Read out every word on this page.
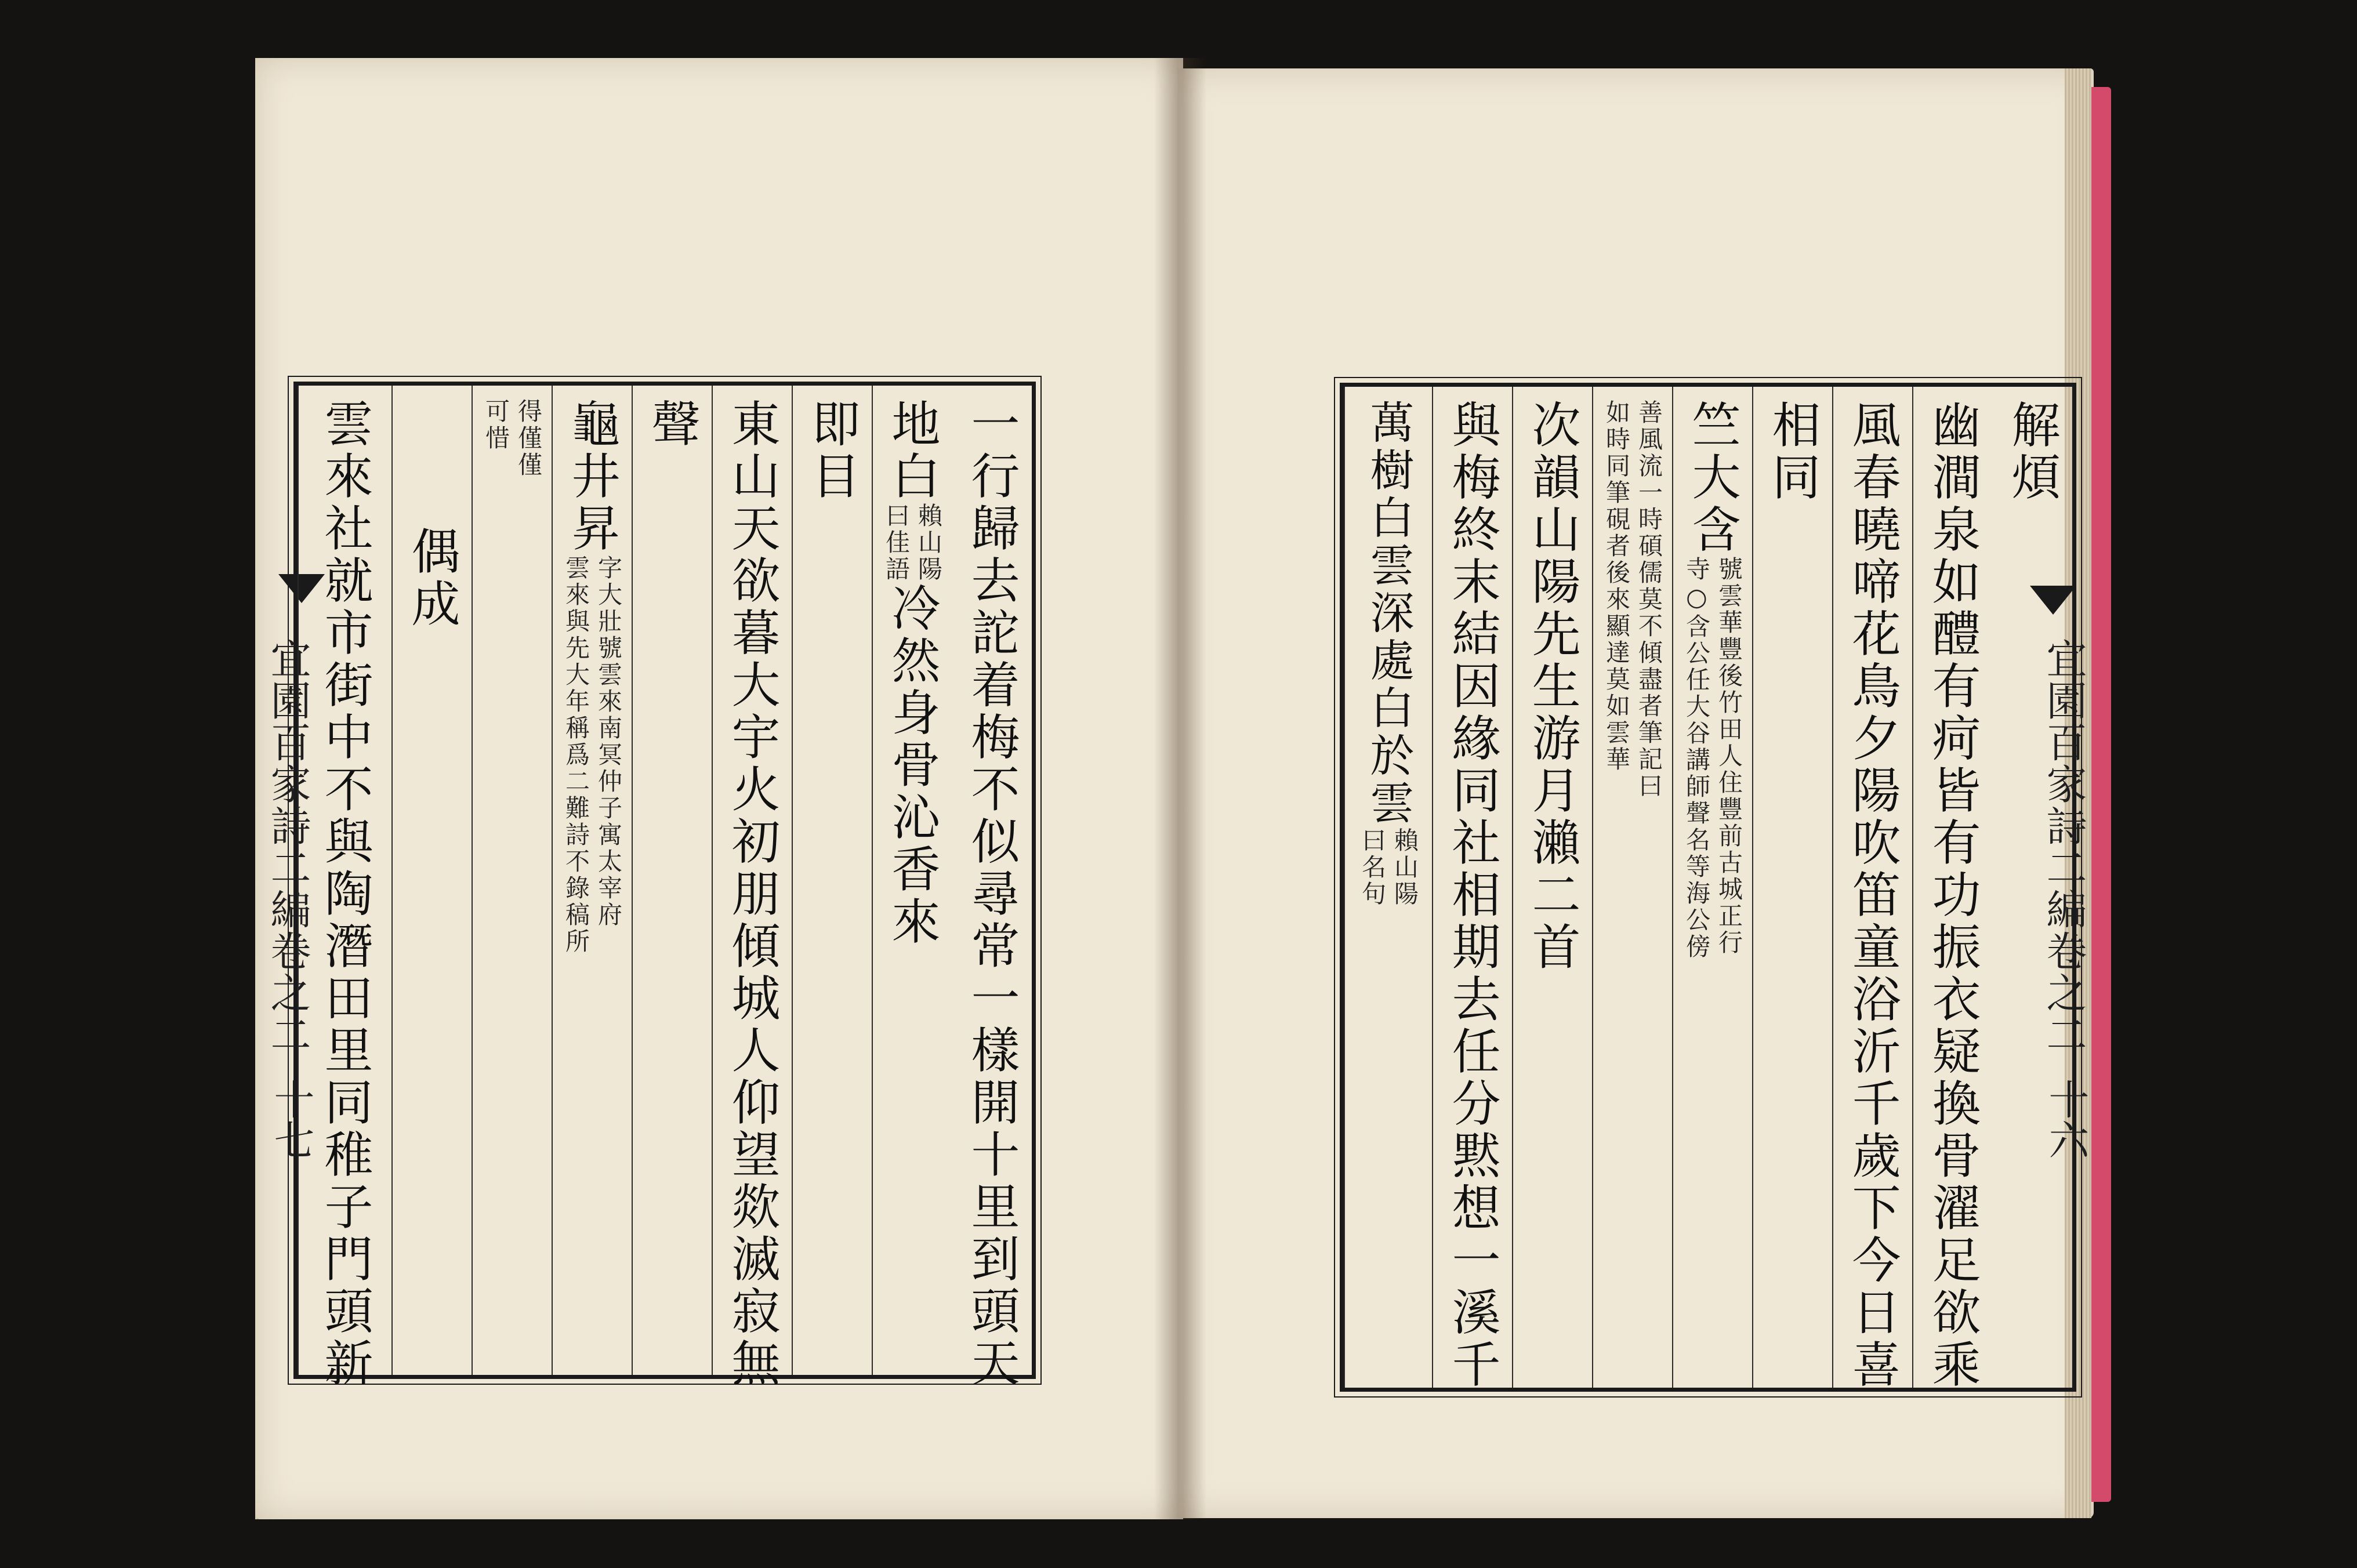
宜園百家詩二編卷之二
十七
宜園百家詩二編卷之二
十六
一行歸去詑着梅不似尋常一樣開十里到頭天
地白
賴山陽
曰佳語
冷然身骨沁香來
即目
東山天欲暮大宇火初朋傾城人仰望欻滅寂無
聲
龜井昇
字大壯號雲來南冥仲子寓太宰府
雲來與先大年稱爲二難詩不錄稿所
得僅僅
可惜
偶成
雲來社就市街中不與陶潛田里同稚子門頭新	解煩
幽澗泉如醴有疴皆有功振衣疑換骨濯足欲乘
風春曉啼花鳥夕陽吹笛童浴沂千歲下今日喜
相同
竺大含
號雲華豐後竹田人住豐前古城正行
寺○含公任大谷講師聲名等海公傍
善風流一時碩儒莫不傾盡者筆記曰
如時同筆硯者後來顯達莫如雲華
次韻山陽先生游月瀨二首
與梅終末結因緣同社相期去任分黙想一溪千
萬樹白雲深處白於雲
賴山陽
曰名句
